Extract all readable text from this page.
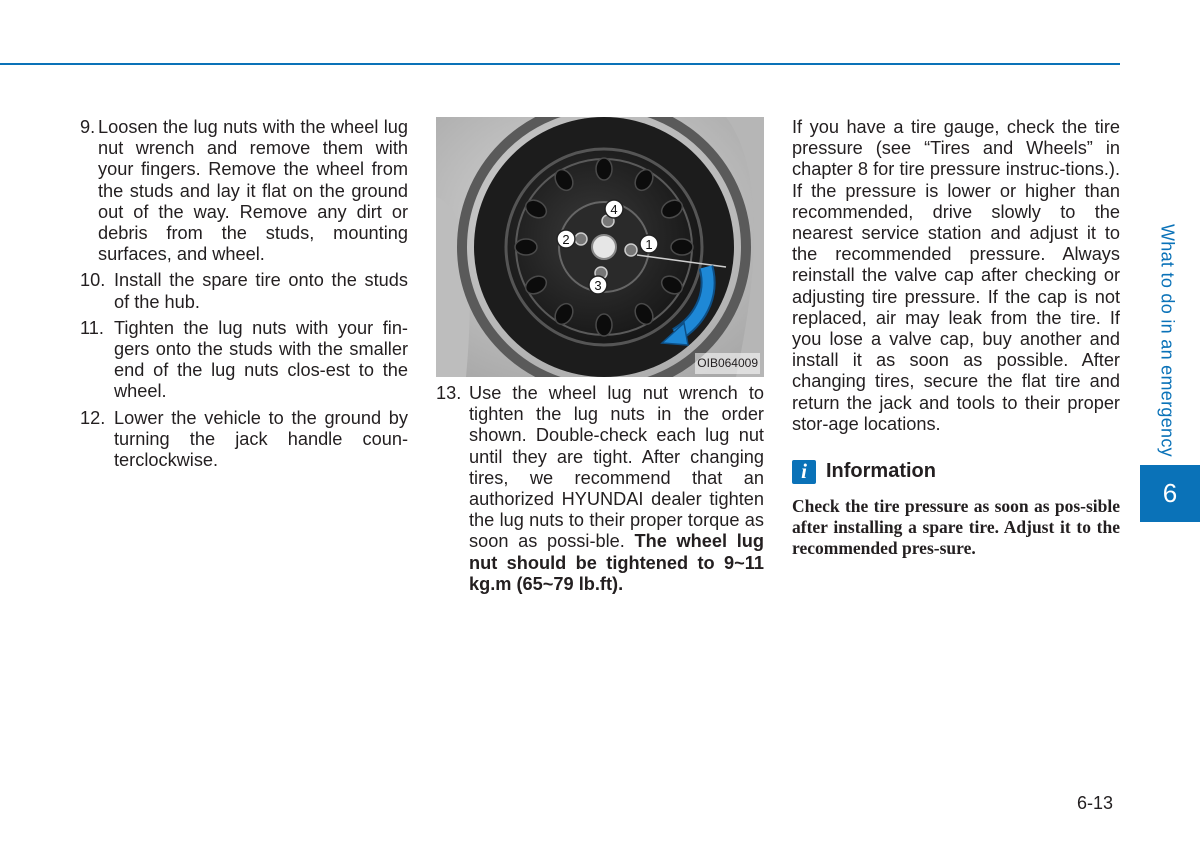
9. Loosen the lug nuts with the wheel lug nut wrench and remove them with your fingers. Remove the wheel from the studs and lay it flat on the ground out of the way. Remove any dirt or debris from the studs, mounting surfaces, and wheel.
10. Install the spare tire onto the studs of the hub.
11. Tighten the lug nuts with your fin-gers onto the studs with the smaller end of the lug nuts clos-est to the wheel.
12. Lower the vehicle to the ground by turning the jack handle coun-terclockwise.
1
2
3
4
OIB064009
13. Use the wheel lug nut wrench to tighten the lug nuts in the order shown. Double-check each lug nut until they are tight. After changing tires, we recommend that an authorized HYUNDAI dealer tighten the lug nuts to their proper torque as soon as possi-ble. The wheel lug nut should be tightened to 9~11 kg.m (65~79 lb.ft).
If you have a tire gauge, check the tire pressure (see “Tires and Wheels” in chapter 8 for tire pressure instruc-tions.). If the pressure is lower or higher than recommended, drive slowly to the nearest service station and adjust it to the recommended pressure. Always reinstall the valve cap after checking or adjusting tire pressure. If the cap is not replaced, air may leak from the tire. If you lose a valve cap, buy another and install it as soon as possible. After changing tires, secure the flat tire and return the jack and tools to their proper stor-age locations.
i Information
Check the tire pressure as soon as pos-sible after installing a spare tire. Adjust it to the recommended pres-sure.
What to do in an emergency
6
6-13
